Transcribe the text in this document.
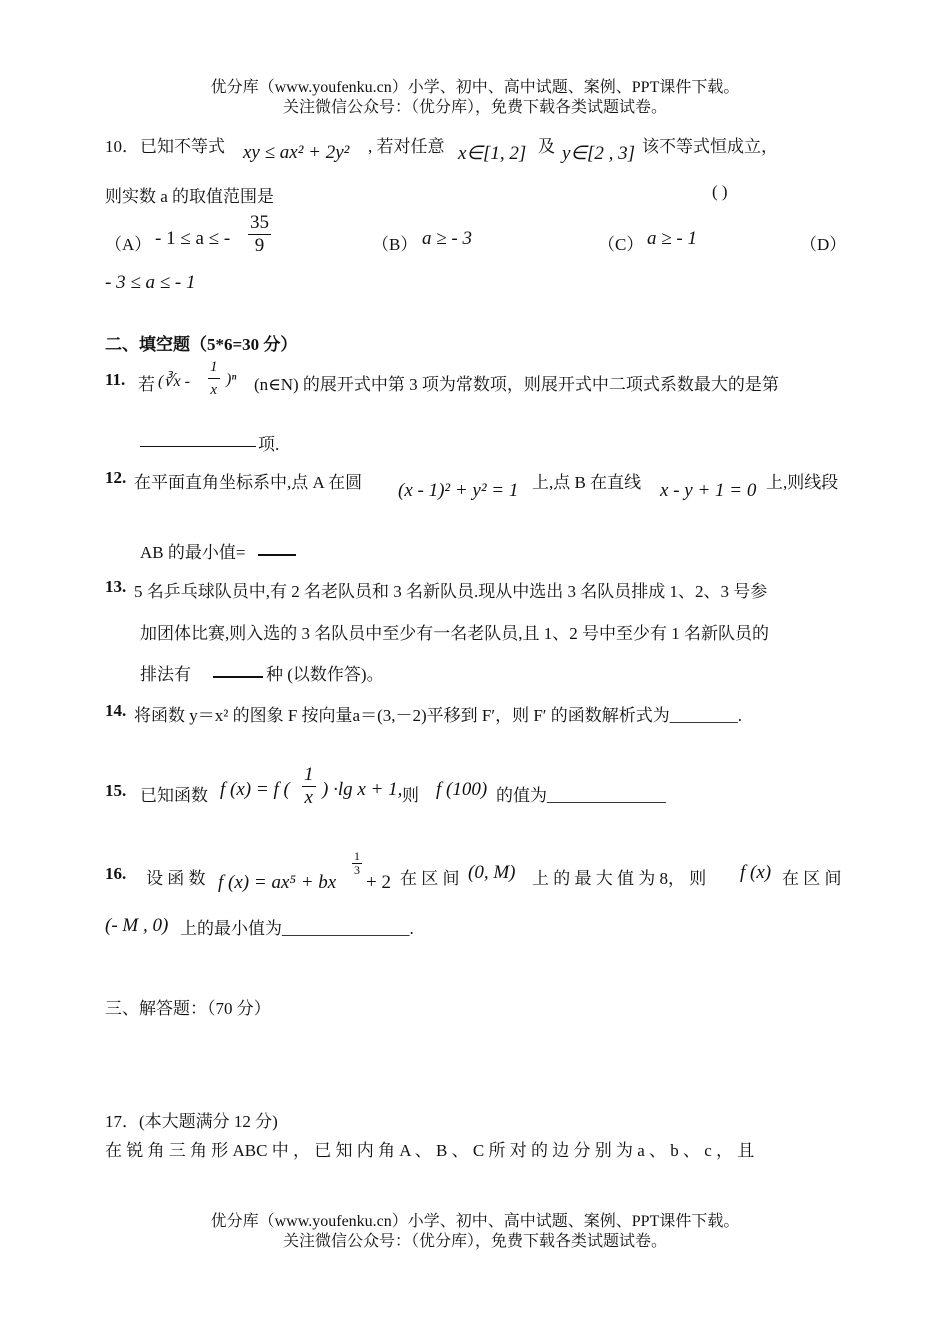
优分库（www.youfenku.cn）小学、初中、高中试题、案例、PPT课件下载。
关注微信公众号：（优分库），免费下载各类试题试卷。
10． 已知不等式 xy ≤ ax² + 2y² , 若对任意 x∈[1, 2] 及 y∈[2 , 3] 该不等式恒成立，
则实数 a 的取值范围是	( )
（A） - 1 ≤ a ≤ - $\frac{35}{9}$	（B） a ≥ - 3	（C） a ≥ - 1	（D）
- 3 ≤ a ≤ - 1
二、填空题（5*6=30 分）
11. 若 (∛x - $\frac{1}{x} )^n$ (n∈N) 的展开式中第 3 项为常数项，则展开式中二项式系数最大的是第
项.
12. 在平面直角坐标系中,点 A 在圆 (x - 1)² + y² = 1 上,点 B 在直线 x - y + 1 = 0 上,则线段
AB 的最小值=
13. 5 名乒乓球队员中,有 2 名老队员和 3 名新队员.现从中选出 3 名队员排成 1、2、3 号参
加团体比赛,则入选的 3 名队员中至少有一名老队员,且 1、2 号中至少有 1 名新队员的
排法有	种 (以数作答)。
14. 将函数 y＝x² 的图象 F 按向量a＝(3,－2)平移到 F′，则 F′ 的函数解析式为________.
15. 已知函数 f (x) = f ( $\frac{1}{x}$ ) ·lg x + 1, 则 f (100) 的值为______________
16. 设 函 数 f (x) = ax⁵ + bx
$\frac{1}{3}$
+ 2 在 区 间 (0, M) 上 的 最 大 值 为 8， 则 f (x) 在 区 间
(- M , 0) 上的最小值为_______________.
三、解答题：（70 分）
17．(本大题满分 12 分)
在 锐 角 三 角 形 ABC 中 ， 已 知 内 角 A 、 B 、 C 所 对 的 边 分 别 为 a 、 b 、 c ， 且
优分库（www.youfenku.cn）小学、初中、高中试题、案例、PPT课件下载。
关注微信公众号：（优分库），免费下载各类试题试卷。
